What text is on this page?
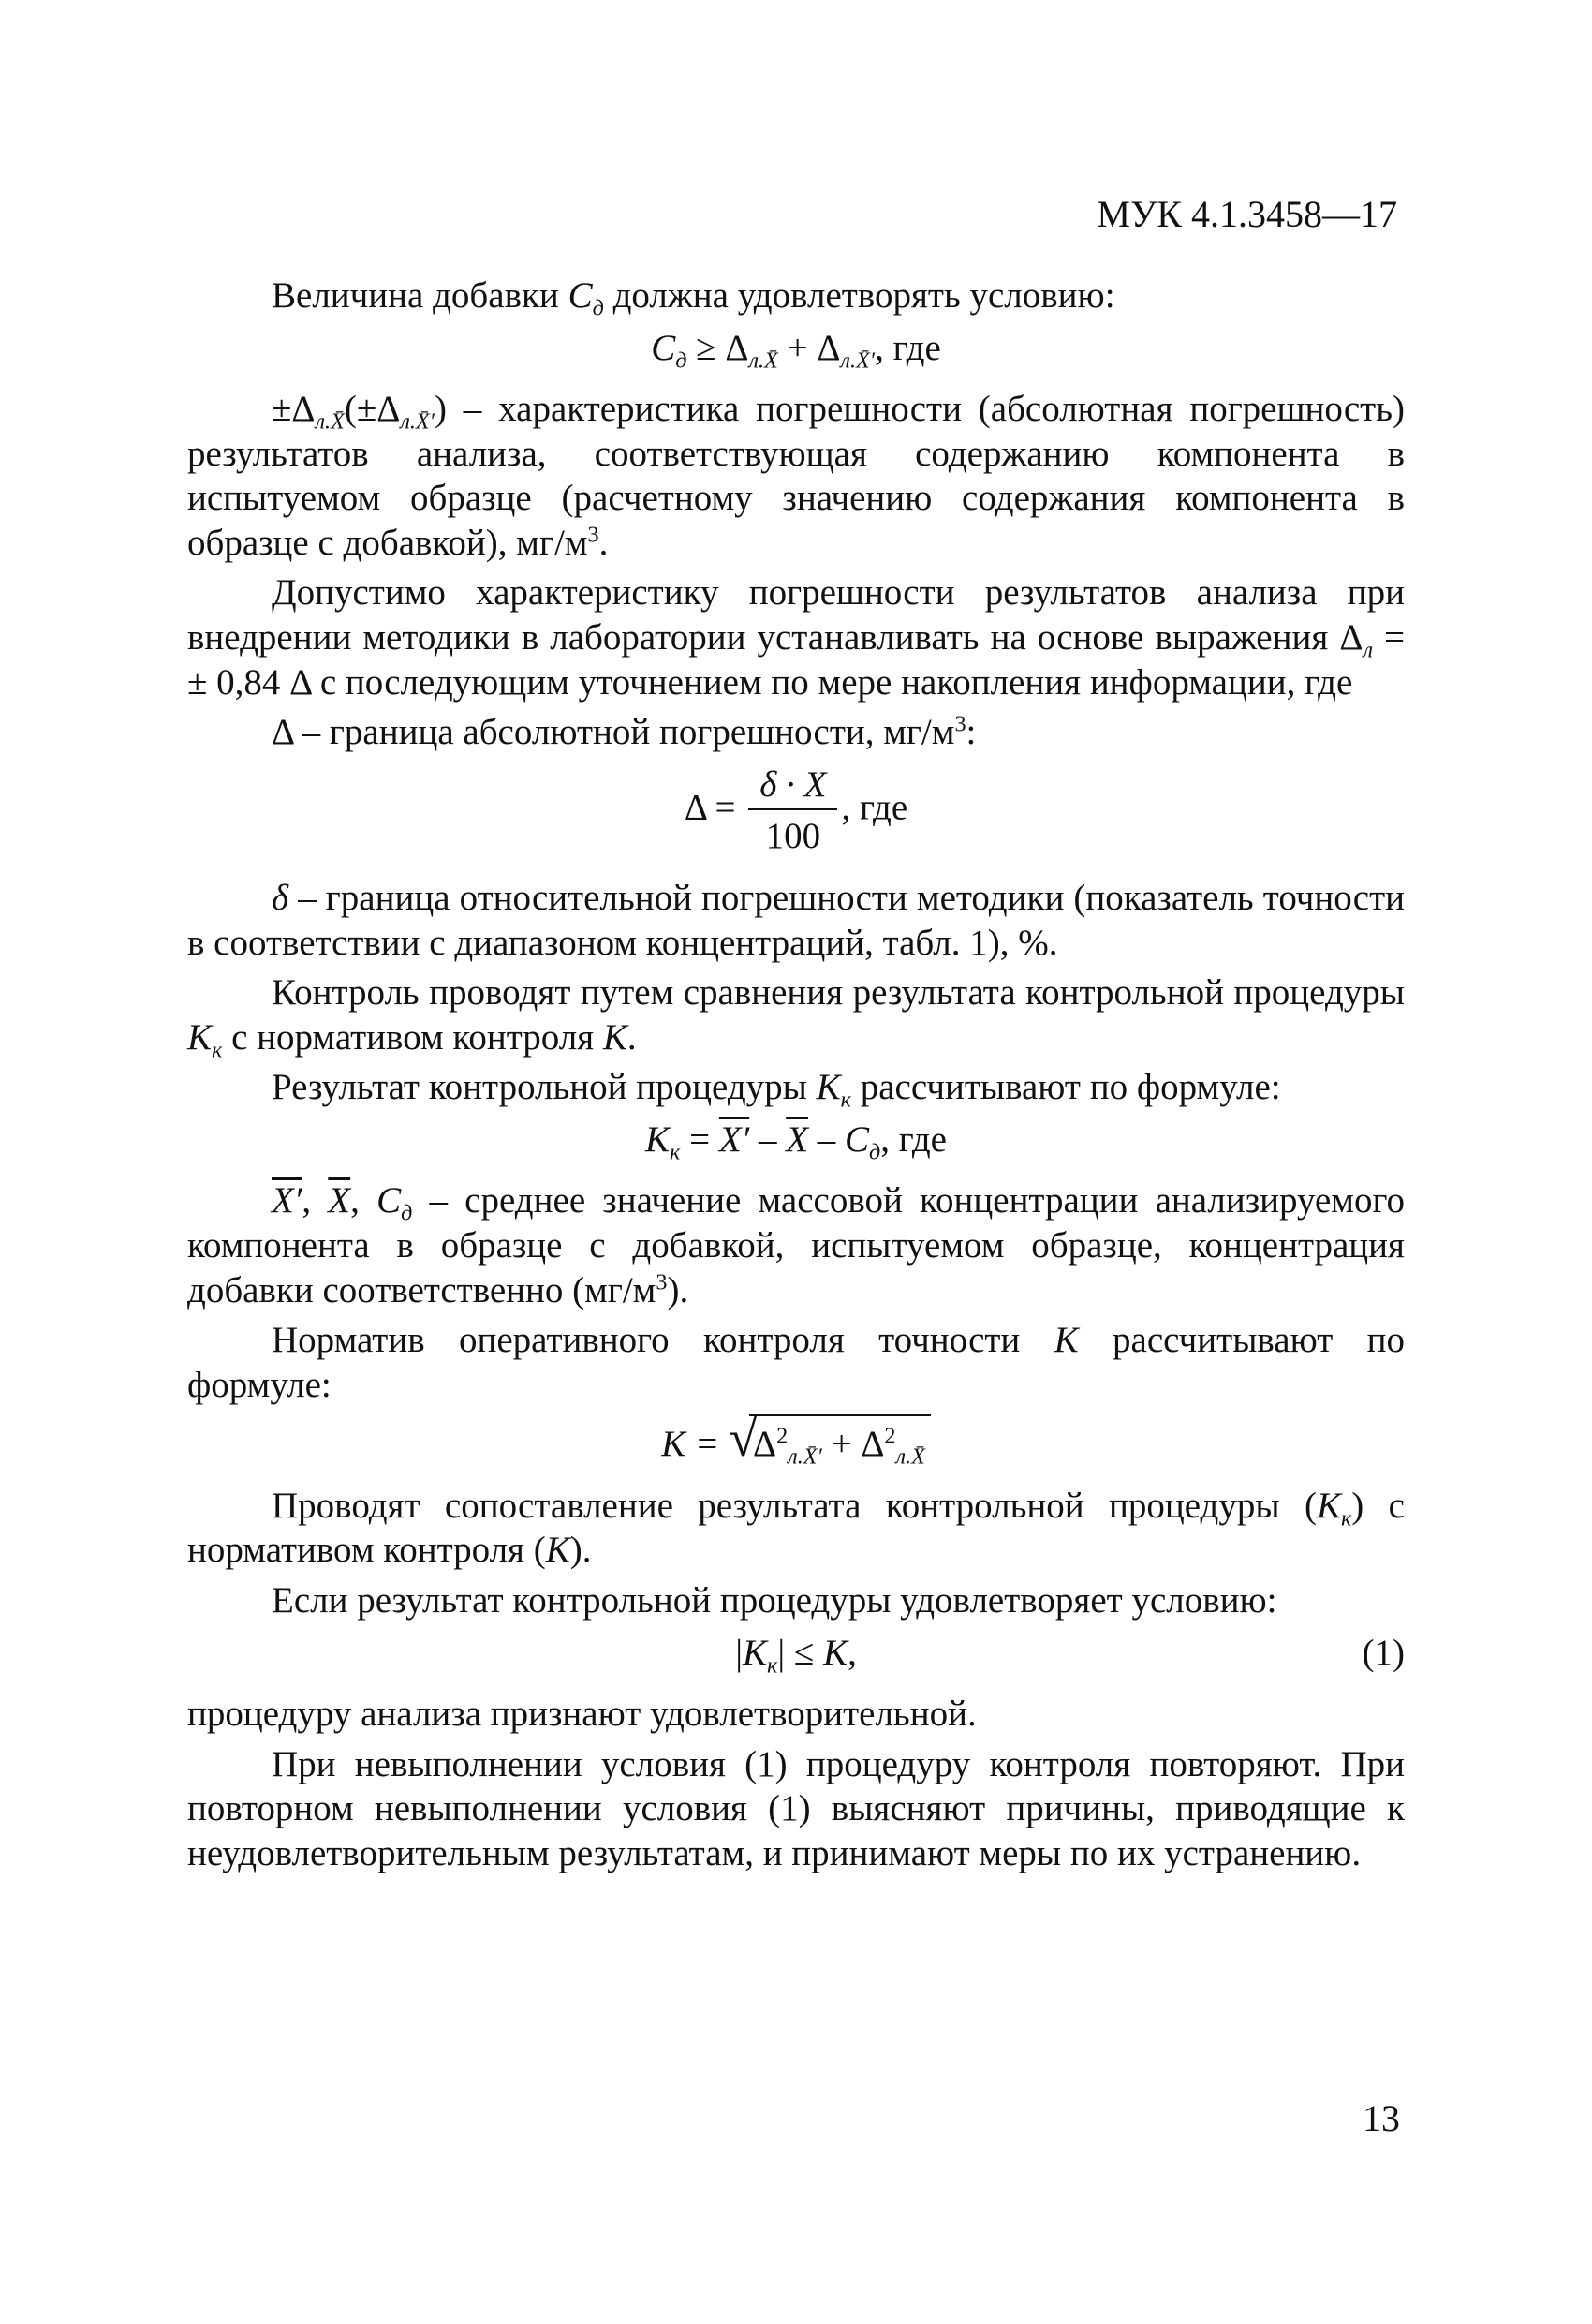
МУК 4.1.3458—17

Величина добавки $C_д$ должна удовлетворять условию:

$C_д \ge \Delta_{л.X̄} + \Delta_{л.X̄'}$, где

$\pm\Delta_{л.X̄}(\pm\Delta_{л.X̄'})$ – характеристика погрешности (абсолютная погрешность) результатов анализа, соответствующая содержанию компонента в испытуемом образце (расчетному значению содержания компонента в образце с добавкой), $мг/м^3$.

Допустимо характеристику погрешности результатов анализа при внедрении методики в лаборатории устанавливать на основе выражения $\Delta_л$ = ± 0,84 Δ с последующим уточнением по мере накопления информации, где

Δ – граница абсолютной погрешности, $мг/м^3$:

$\Delta = \frac{\delta \cdot X}{100}$ , где

δ – граница относительной погрешности методики (показатель точности в соответствии с диапазоном концентраций, табл. 1), %.

Контроль проводят путем сравнения результата контрольной процедуры $K_к$ с нормативом контроля K.

Результат контрольной процедуры $K_к$ рассчитывают по формуле:

$K_к = X' - \overline{X} - C_д$, где

X′, $\overline{X}$, $C_д$ – среднее значение массовой концентрации анализируемого компонента в образце с добавкой, испытуемом образце, концентрация добавки соответственно $(мг/м^3)$.

Норматив оперативного контроля точности K рассчитывают по формуле:

K = √
$\Delta^2_{л.X̄'} + \Delta^2_{л.X̄}$

Проводят сопоставление результата контрольной процедуры $(K_к)$ с нормативом контроля (K).

Если результат контрольной процедуры удовлетворяет условию:

$|K_к| \le K$,	(1)

процедуру анализа признают удовлетворительной.

При невыполнении условия (1) процедуру контроля повторяют. При повторном невыполнении условия (1) выясняют причины, приводящие к неудовлетворительным результатам, и принимают меры по их устранению.

13
